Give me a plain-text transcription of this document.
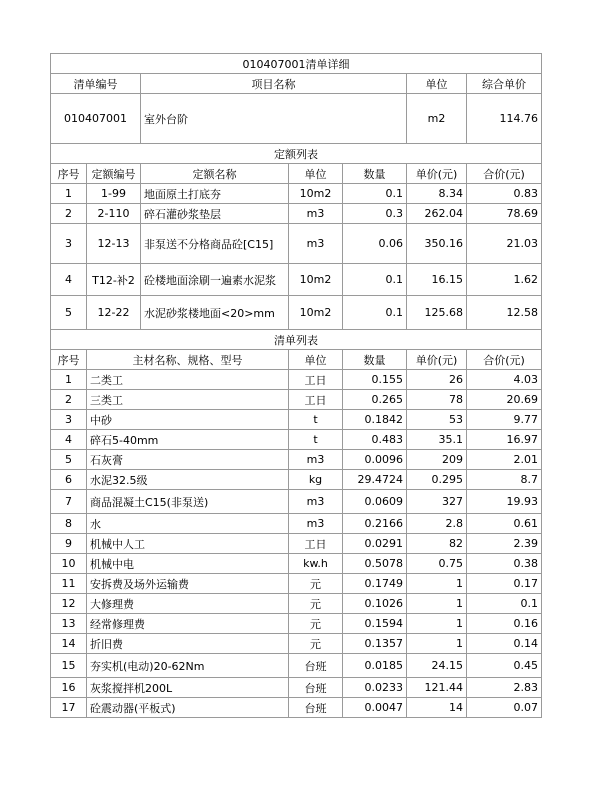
010407001清单详细						
清单编号		项目名称			单位	综合单价
010407001		室外台阶			m2	114.76
定额列表						
序号	定额编号	定额名称	单位	数量	单价(元)	合价(元)
1	1-99	地面原土打底夯	10m2	0.1	8.34	0.83
2	2-110	碎石灌砂浆垫层	m3	0.3	262.04	78.69
3	12-13	非泵送不分格商品砼[C15]	m3	0.06	350.16	21.03
4	T12-补2	砼楼地面涂刷一遍素水泥浆	10m2	0.1	16.15	1.62
5	12-22	水泥砂浆楼地面<20>mm	10m2	0.1	125.68	12.58
清单列表						
序号	主材名称、规格、型号		单位	数量	单价(元)	合价(元)
1	二类工		工日	0.155	26	4.03
2	三类工		工日	0.265	78	20.69
3	中砂		t	0.1842	53	9.77
4	碎石5-40mm		t	0.483	35.1	16.97
5	石灰膏		m3	0.0096	209	2.01
6	水泥32.5级		kg	29.4724	0.295	8.7
7	商品混凝土C15(非泵送)		m3	0.0609	327	19.93
8	水		m3	0.2166	2.8	0.61
9	机械中人工		工日	0.0291	82	2.39
10	机械中电		kw.h	0.5078	0.75	0.38
11	安拆费及场外运输费		元	0.1749	1	0.17
12	大修理费		元	0.1026	1	0.1
13	经常修理费		元	0.1594	1	0.16
14	折旧费		元	0.1357	1	0.14
15	夯实机(电动)20-62Nm		台班	0.0185	24.15	0.45
16	灰浆搅拌机200L		台班	0.0233	121.44	2.83
17	砼震动器(平板式)		台班	0.0047	14	0.07
